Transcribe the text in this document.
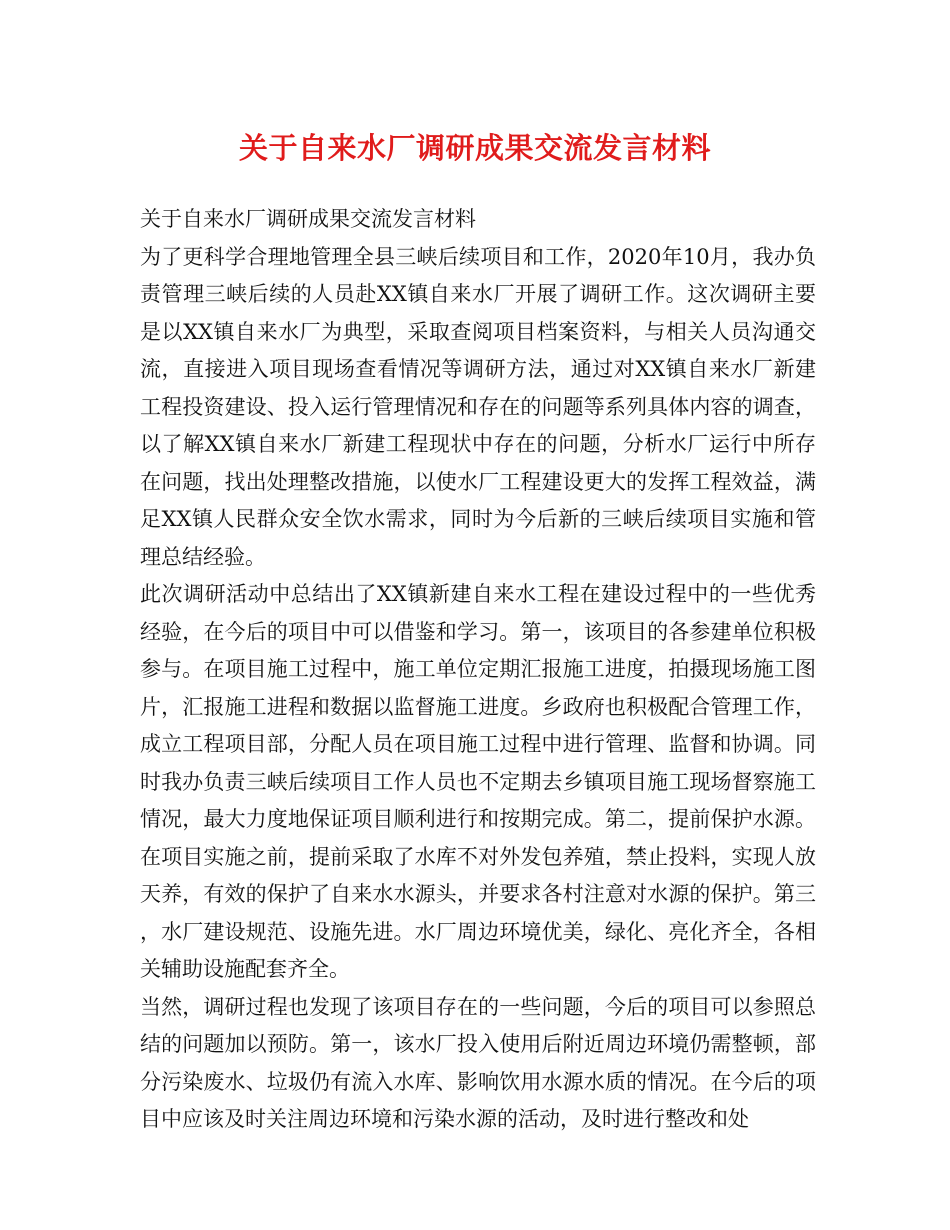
关于自来水厂调研成果交流发言材料

关于自来水厂调研成果交流发言材料

为了更科学合理地管理全县三峡后续项目和工作，2020年10月，我办负责管理三峡后续的人员赴XX镇自来水厂开展了调研工作。这次调研主要是以XX镇自来水厂为典型，采取查阅项目档案资料，与相关人员沟通交流，直接进入项目现场查看情况等调研方法，通过对XX镇自来水厂新建工程投资建设、投入运行管理情况和存在的问题等系列具体内容的调查，以了解XX镇自来水厂新建工程现状中存在的问题，分析水厂运行中所存在问题，找出处理整改措施，以使水厂工程建设更大的发挥工程效益，满足XX镇人民群众安全饮水需求，同时为今后新的三峡后续项目实施和管理总结经验。

此次调研活动中总结出了XX镇新建自来水工程在建设过程中的一些优秀经验，在今后的项目中可以借鉴和学习。第一，该项目的各参建单位积极参与。在项目施工过程中，施工单位定期汇报施工进度，拍摄现场施工图片，汇报施工进程和数据以监督施工进度。乡政府也积极配合管理工作，成立工程项目部，分配人员在项目施工过程中进行管理、监督和协调。同时我办负责三峡后续项目工作人员也不定期去乡镇项目施工现场督察施工情况，最大力度地保证项目顺利进行和按期完成。第二，提前保护水源。在项目实施之前，提前采取了水库不对外发包养殖，禁止投料，实现人放天养，有效的保护了自来水水源头，并要求各村注意对水源的保护。第三，水厂建设规范、设施先进。水厂周边环境优美，绿化、亮化齐全，各相关辅助设施配套齐全。

当然，调研过程也发现了该项目存在的一些问题，今后的项目可以参照总结的问题加以预防。第一，该水厂投入使用后附近周边环境仍需整顿，部分污染废水、垃圾仍有流入水库、影响饮用水源水质的情况。在今后的项目中应该及时关注周边环境和污染水源的活动，及时进行整改和处
